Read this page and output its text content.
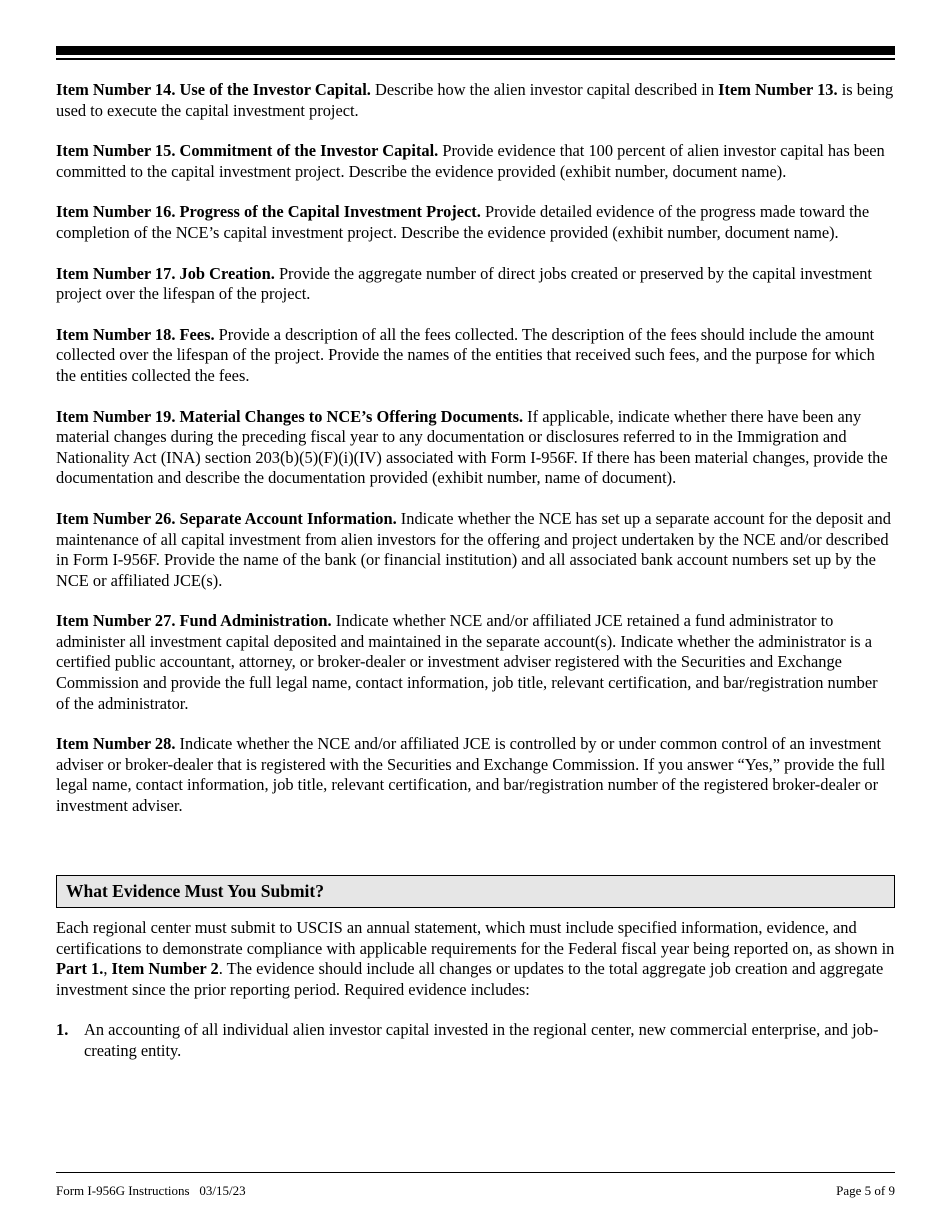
Item Number 14. Use of the Investor Capital. Describe how the alien investor capital described in Item Number 13. is being used to execute the capital investment project.

Item Number 15. Commitment of the Investor Capital. Provide evidence that 100 percent of alien investor capital has been committed to the capital investment project. Describe the evidence provided (exhibit number, document name).

Item Number 16. Progress of the Capital Investment Project. Provide detailed evidence of the progress made toward the completion of the NCE’s capital investment project. Describe the evidence provided (exhibit number, document name).

Item Number 17. Job Creation. Provide the aggregate number of direct jobs created or preserved by the capital investment project over the lifespan of the project.

Item Number 18. Fees. Provide a description of all the fees collected. The description of the fees should include the amount collected over the lifespan of the project. Provide the names of the entities that received such fees, and the purpose for which the entities collected the fees.

Item Number 19. Material Changes to NCE’s Offering Documents. If applicable, indicate whether there have been any material changes during the preceding fiscal year to any documentation or disclosures referred to in the Immigration and Nationality Act (INA) section 203(b)(5)(F)(i)(IV) associated with Form I-956F. If there has been material changes, provide the documentation and describe the documentation provided (exhibit number, name of document).

Item Number 26. Separate Account Information. Indicate whether the NCE has set up a separate account for the deposit and maintenance of all capital investment from alien investors for the offering and project undertaken by the NCE and/or described in Form I-956F. Provide the name of the bank (or financial institution) and all associated bank account numbers set up by the NCE or affiliated JCE(s).

Item Number 27. Fund Administration. Indicate whether NCE and/or affiliated JCE retained a fund administrator to administer all investment capital deposited and maintained in the separate account(s). Indicate whether the administrator is a certified public accountant, attorney, or broker-dealer or investment adviser registered with the Securities and Exchange Commission and provide the full legal name, contact information, job title, relevant certification, and bar/registration number of the administrator.

Item Number 28. Indicate whether the NCE and/or affiliated JCE is controlled by or under common control of an investment adviser or broker-dealer that is registered with the Securities and Exchange Commission. If you answer “Yes,” provide the full legal name, contact information, job title, relevant certification, and bar/registration number of the registered broker-dealer or investment adviser.

What Evidence Must You Submit?
Each regional center must submit to USCIS an annual statement, which must include specified information, evidence, and certifications to demonstrate compliance with applicable requirements for the Federal fiscal year being reported on, as shown in Part 1., Item Number 2. The evidence should include all changes or updates to the total aggregate job creation and aggregate investment since the prior reporting period. Required evidence includes:
1. An accounting of all individual alien investor capital invested in the regional center, new commercial enterprise, and job-creating entity.
Form I-956G Instructions   03/15/23	Page 5 of 9
